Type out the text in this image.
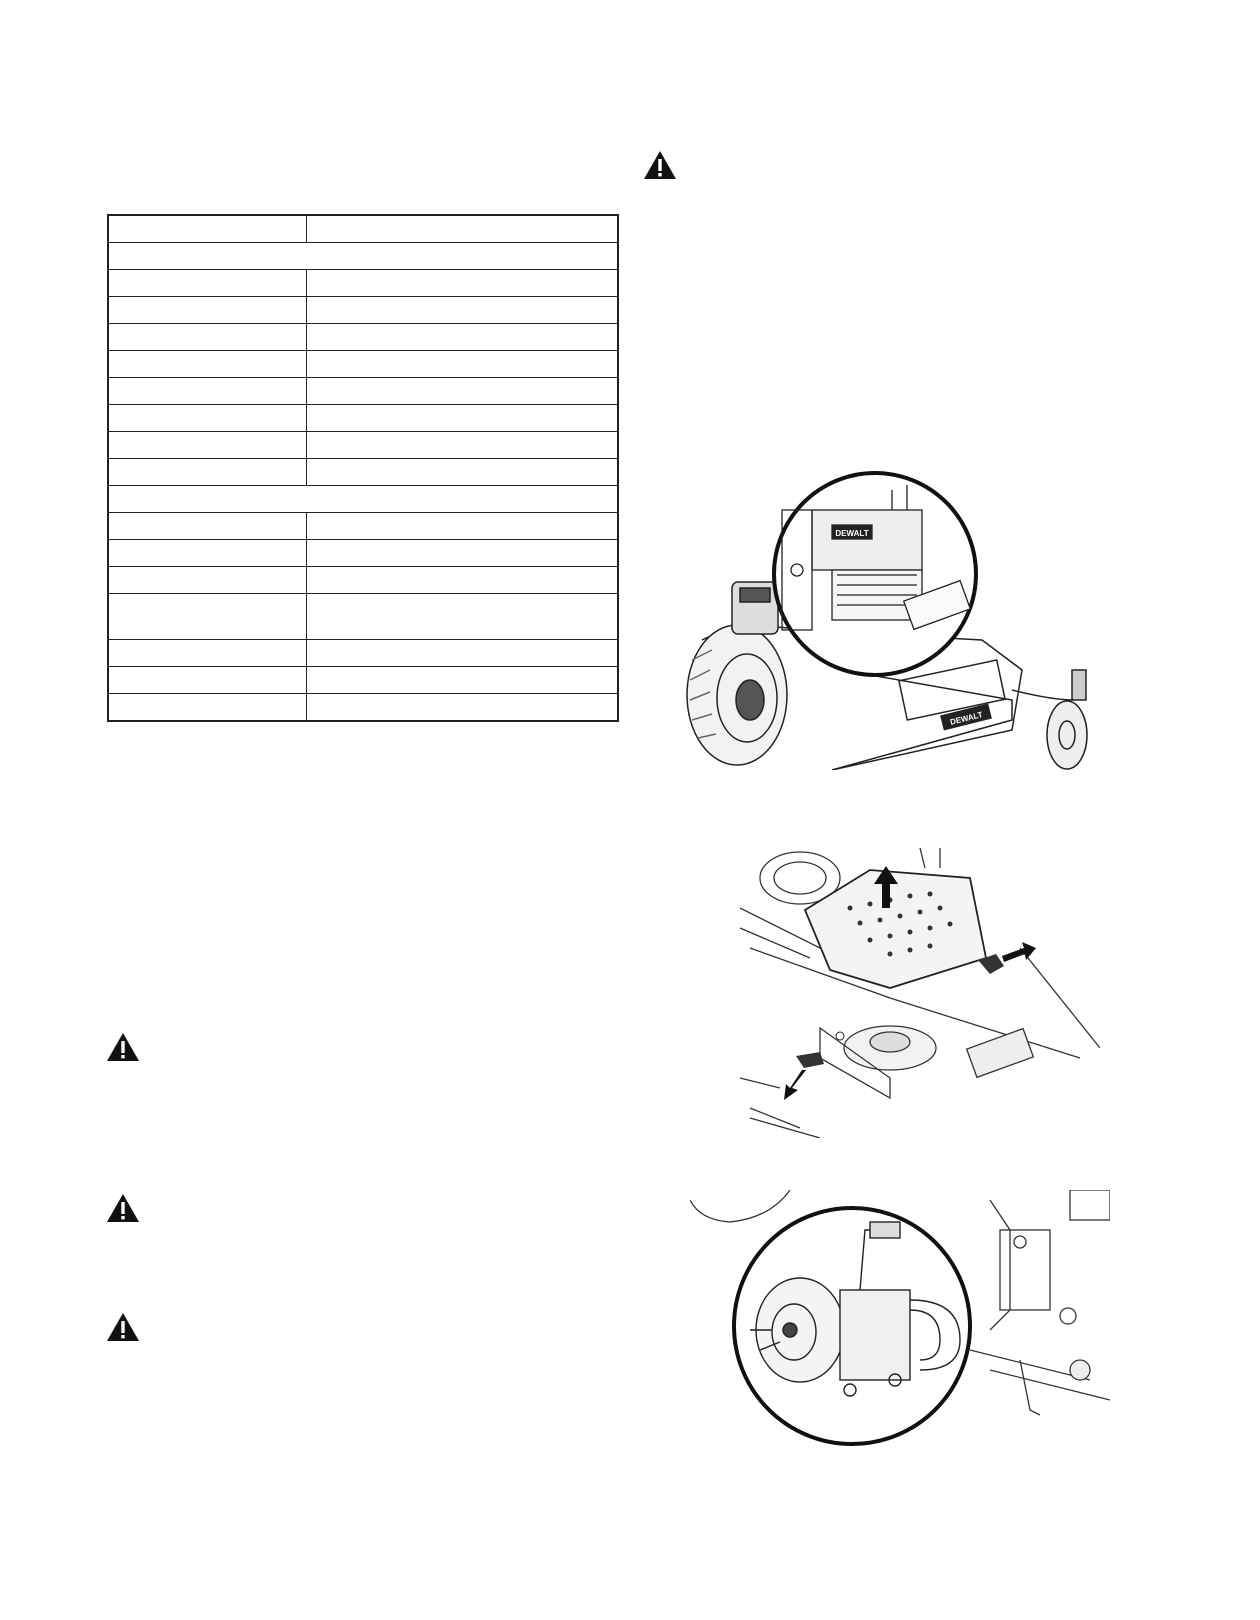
DEWALT
DEWALT
